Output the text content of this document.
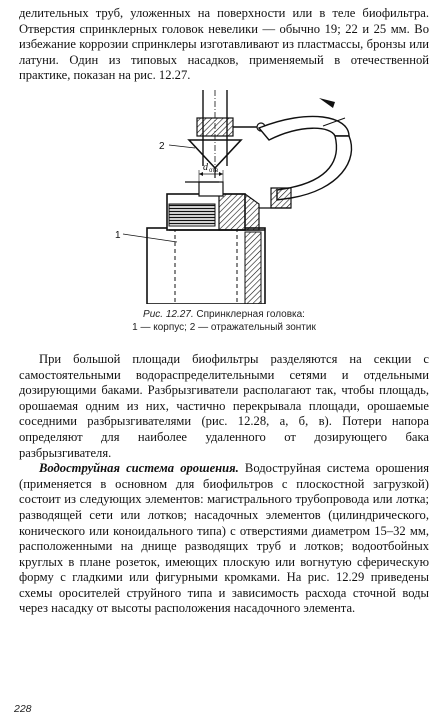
делительных труб, уложенных на поверхности или в теле биофильтра. Отверстия спринклерных головок невелики — обычно 19; 22 и 25 мм. Во избежание коррозии спринклеры изготавливают из пластмассы, бронзы или латуни. Один из типовых насадков, применяемый в отечественной практике, показан на рис. 12.27.

1
2
d отв
Рис. 12.27. Спринклерная головка:
1 — корпус; 2 — отражательный зонтик

При большой площади биофильтры разделяются на секции с самостоятельными водораспределительными сетями и отдельными дозирующими баками. Разбрызгиватели располагают так, чтобы площадь, орошаемая одним из них, частично перекрывала площади, орошаемые соседними разбрызгивателями (рис. 12.28, а, б, в). Потери напора определяют для наиболее удаленного от дозирующего бака разбрызгивателя.

Водоструйная система орошения. Водоструйная система орошения (применяется в основном для биофильтров с плоскостной загрузкой) состоит из следующих элементов: магистрального трубопровода или лотка; разводящей сети или лотков; насадочных элементов (цилиндрического, конического или коноидального типа) с отверстиями диаметром 15–32 мм, расположенными на днище разводящих труб и лотков; водоотбойных круглых в плане розеток, имеющих плоскую или вогнутую сферическую форму с гладкими или фигурными кромками. На рис. 12.29 приведены схемы оросителей струйного типа и зависимость расхода сточной воды через насадку от высоты расположения насадочного элемента.

228
